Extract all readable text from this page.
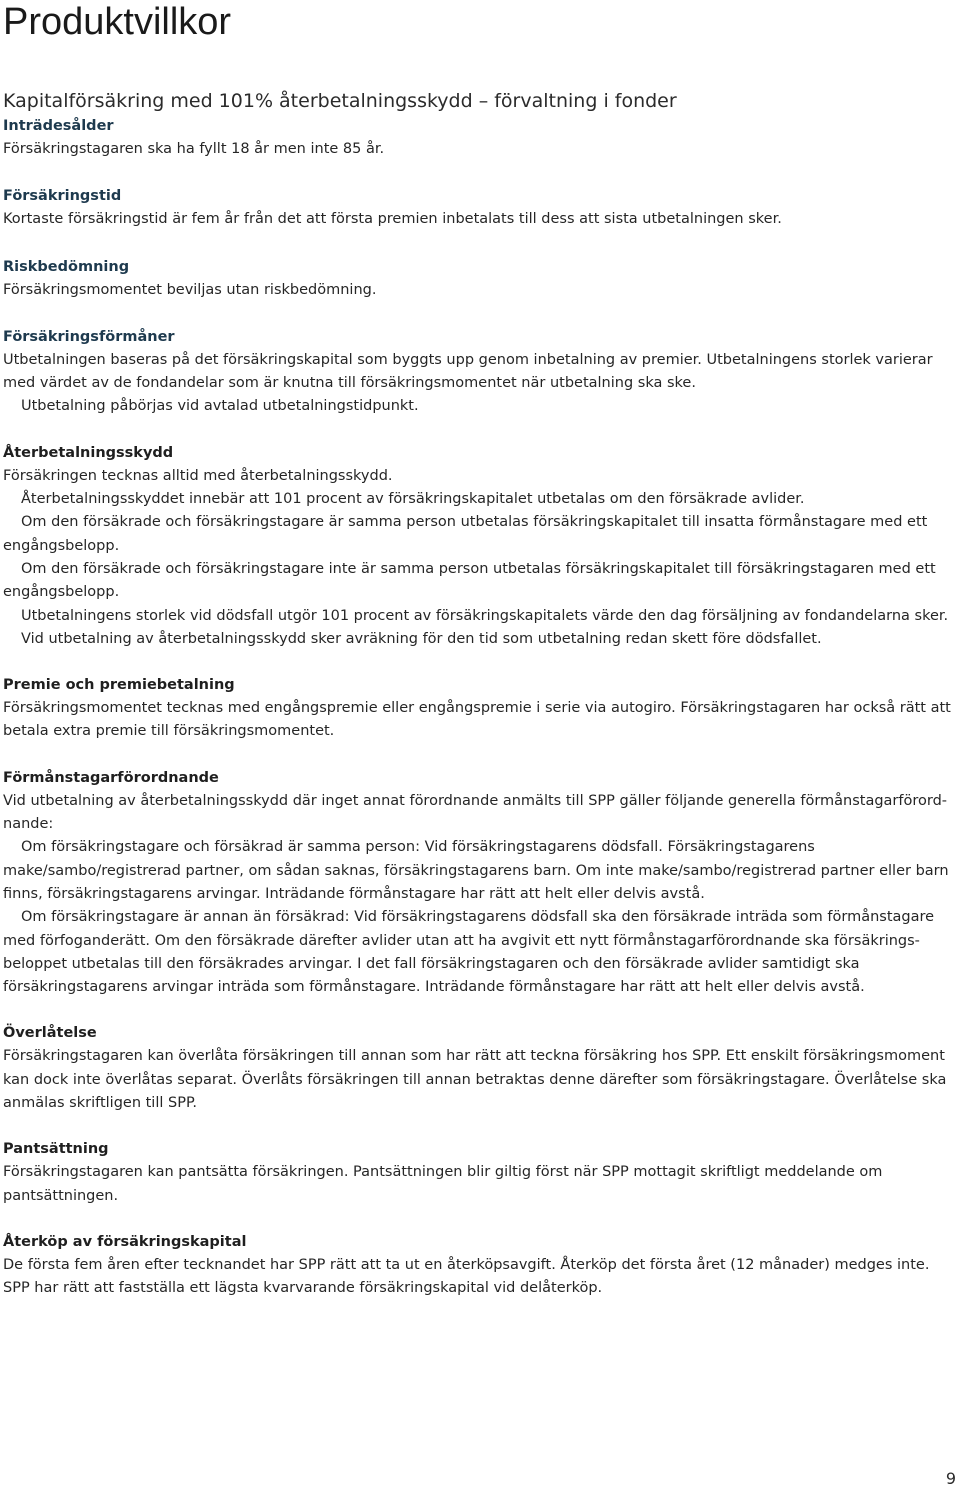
Produktvillkor
Kapitalförsäkring med 101% återbetalningsskydd – förvaltning i fonder
Inträdesålder

Försäkringstagaren ska ha fyllt 18 år men inte 85 år.

Försäkringstid

Kortaste försäkringstid är fem år från det att första premien inbetalats till dess att sista utbetalningen sker.

Riskbedömning

Försäkringsmomentet beviljas utan riskbedömning.

Försäkringsförmåner

Utbetalningen baseras på det försäkringskapital som byggts upp genom inbetalning av premier. Utbetalningens storlek varierar med värdet av de fondandelar som är knutna till försäkringsmomentet när utbetalning ska ske.

Utbetalning påbörjas vid avtalad utbetalningstidpunkt.

Återbetalningsskydd

Försäkringen tecknas alltid med återbetalningsskydd.

Återbetalningsskyddet innebär att 101 procent av försäkringskapitalet utbetalas om den försäkrade avlider.

Om den försäkrade och försäkringstagare är samma person utbetalas försäkringskapitalet till insatta förmånstagare med ett engångsbelopp.

Om den försäkrade och försäkringstagare inte är samma person utbetalas försäkringskapitalet till försäkringstagaren med ett engångsbelopp.

Utbetalningens storlek vid dödsfall utgör 101 procent av försäkringskapitalets värde den dag försäljning av fondandelarna sker.

Vid utbetalning av återbetalningsskydd sker avräkning för den tid som utbetalning redan skett före dödsfallet.

Premie och premiebetalning

Försäkringsmomentet tecknas med engångspremie eller engångspremie i serie via autogiro. Försäkringstagaren har också rätt att betala extra premie till försäkringsmomentet.

Förmånstagarförordnande

Vid utbetalning av återbetalningsskydd där inget annat förordnande anmälts till SPP gäller följande generella förmånstagarförord-nande:

Om försäkringstagare och försäkrad är samma person: Vid försäkringstagarens dödsfall. Försäkringstagarens make/sambo/registrerad partner, om sådan saknas, försäkringstagarens barn. Om inte make/sambo/registrerad partner eller barn finns, försäkringstagarens arvingar. Inträdande förmånstagare har rätt att helt eller delvis avstå.

Om försäkringstagare är annan än försäkrad: Vid försäkringstagarens dödsfall ska den försäkrade inträda som förmånstagare med förfoganderätt. Om den försäkrade därefter avlider utan att ha avgivit ett nytt förmånstagarförordnande ska försäkrings-beloppet utbetalas till den försäkrades arvingar. I det fall försäkringstagaren och den försäkrade avlider samtidigt ska försäkringstagarens arvingar inträda som förmånstagare. Inträdande förmånstagare har rätt att helt eller delvis avstå.

Överlåtelse

Försäkringstagaren kan överlåta försäkringen till annan som har rätt att teckna försäkring hos SPP. Ett enskilt försäkringsmoment kan dock inte överlåtas separat. Överlåts försäkringen till annan betraktas denne därefter som försäkringstagare. Överlåtelse ska anmälas skriftligen till SPP.

Pantsättning

Försäkringstagaren kan pantsätta försäkringen. Pantsättningen blir giltig först när SPP mottagit skriftligt meddelande om pantsättningen.

Återköp av försäkringskapital

De första fem åren efter tecknandet har SPP rätt att ta ut en återköpsavgift. Återköp det första året (12 månader) medges inte.

SPP har rätt att fastställa ett lägsta kvarvarande försäkringskapital vid delåterköp.

9
